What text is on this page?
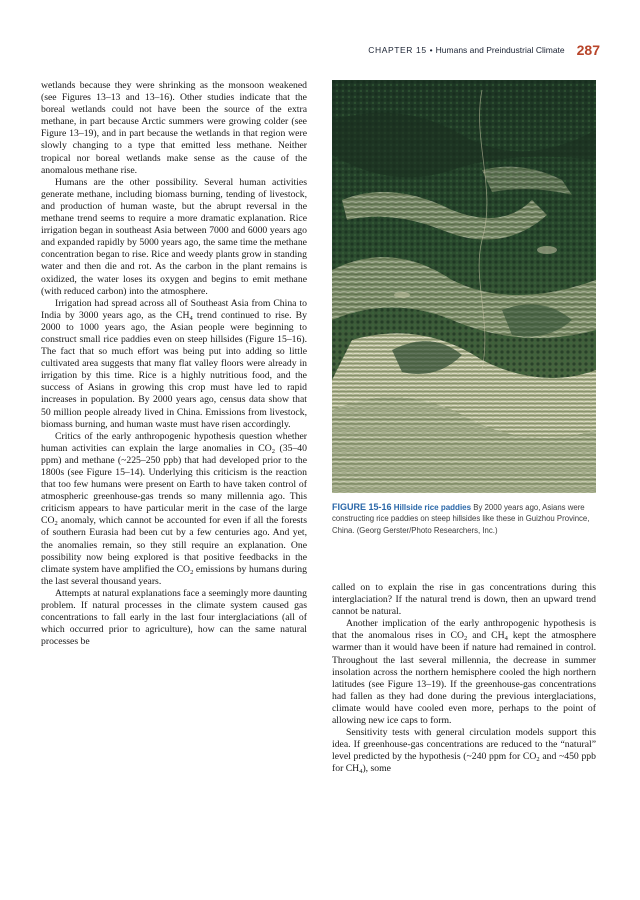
CHAPTER 15 • Humans and Preindustrial Climate 287

wetlands because they were shrinking as the monsoon weakened (see Figures 13–13 and 13–16). Other studies indicate that the boreal wetlands could not have been the source of the extra methane, in part because Arctic summers were growing colder (see Figure 13–19), and in part because the wetlands in that region were slowly changing to a type that emitted less methane. Neither tropical nor boreal wetlands make sense as the cause of the anomalous methane rise.

Humans are the other possibility. Several human activities generate methane, including biomass burning, tending of livestock, and production of human waste, but the abrupt reversal in the methane trend seems to require a more dramatic explanation. Rice irrigation began in southeast Asia between 7000 and 6000 years ago and expanded rapidly by 5000 years ago, the same time the methane concentration began to rise. Rice and weedy plants grow in standing water and then die and rot. As the carbon in the plant remains is oxidized, the water loses its oxygen and begins to emit methane (with reduced carbon) into the atmosphere.

Irrigation had spread across all of Southeast Asia from China to India by 3000 years ago, as the $CH_4$ trend continued to rise. By 2000 to 1000 years ago, the Asian people were beginning to construct small rice paddies even on steep hillsides (Figure 15–16). The fact that so much effort was being put into adding so little cultivated area suggests that many flat valley floors were already in irrigation by this time. Rice is a highly nutritious food, and the success of Asians in growing this crop must have led to rapid increases in population. By 2000 years ago, census data show that 50 million people already lived in China. Emissions from livestock, biomass burning, and human waste must have risen accordingly.

Critics of the early anthropogenic hypothesis question whether human activities can explain the large anomalies in $CO_2$ (35–40 ppm) and methane (~225–250 ppb) that had developed prior to the 1800s (see Figure 15–14). Underlying this criticism is the reaction that too few humans were present on Earth to have taken control of atmospheric greenhouse-gas trends so many millennia ago. This criticism appears to have particular merit in the case of the large $CO_2$ anomaly, which cannot be accounted for even if all the forests of southern Eurasia had been cut by a few centuries ago. And yet, the anomalies remain, so they still require an explanation. One possibility now being explored is that positive feedbacks in the climate system have amplified the $CO_2$ emissions by humans during the last several thousand years.

Attempts at natural explanations face a seemingly more daunting problem. If natural processes in the climate system caused gas concentrations to fall early in the last four interglaciations (all of which occurred prior to agriculture), how can the same natural processes be

FIGURE 15-16 Hillside rice paddies By 2000 years ago, Asians were constructing rice paddies on steep hillsides like these in Guizhou Province, China. (Georg Gerster/Photo Researchers, Inc.)

called on to explain the rise in gas concentrations during this interglaciation? If the natural trend is down, then an upward trend cannot be natural.

Another implication of the early anthropogenic hypothesis is that the anomalous rises in $CO_2$ and $CH_4$ kept the atmosphere warmer than it would have been if nature had remained in control. Throughout the last several millennia, the decrease in summer insolation across the northern hemisphere cooled the high northern latitudes (see Figure 13–19). If the greenhouse-gas concentrations had fallen as they had done during the previous interglaciations, climate would have cooled even more, perhaps to the point of allowing new ice caps to form.

Sensitivity tests with general circulation models support this idea. If greenhouse-gas concentrations are reduced to the “natural” level predicted by the hypothesis (~240 ppm for $CO_2$ and ~450 ppb for $CH_4$), some
